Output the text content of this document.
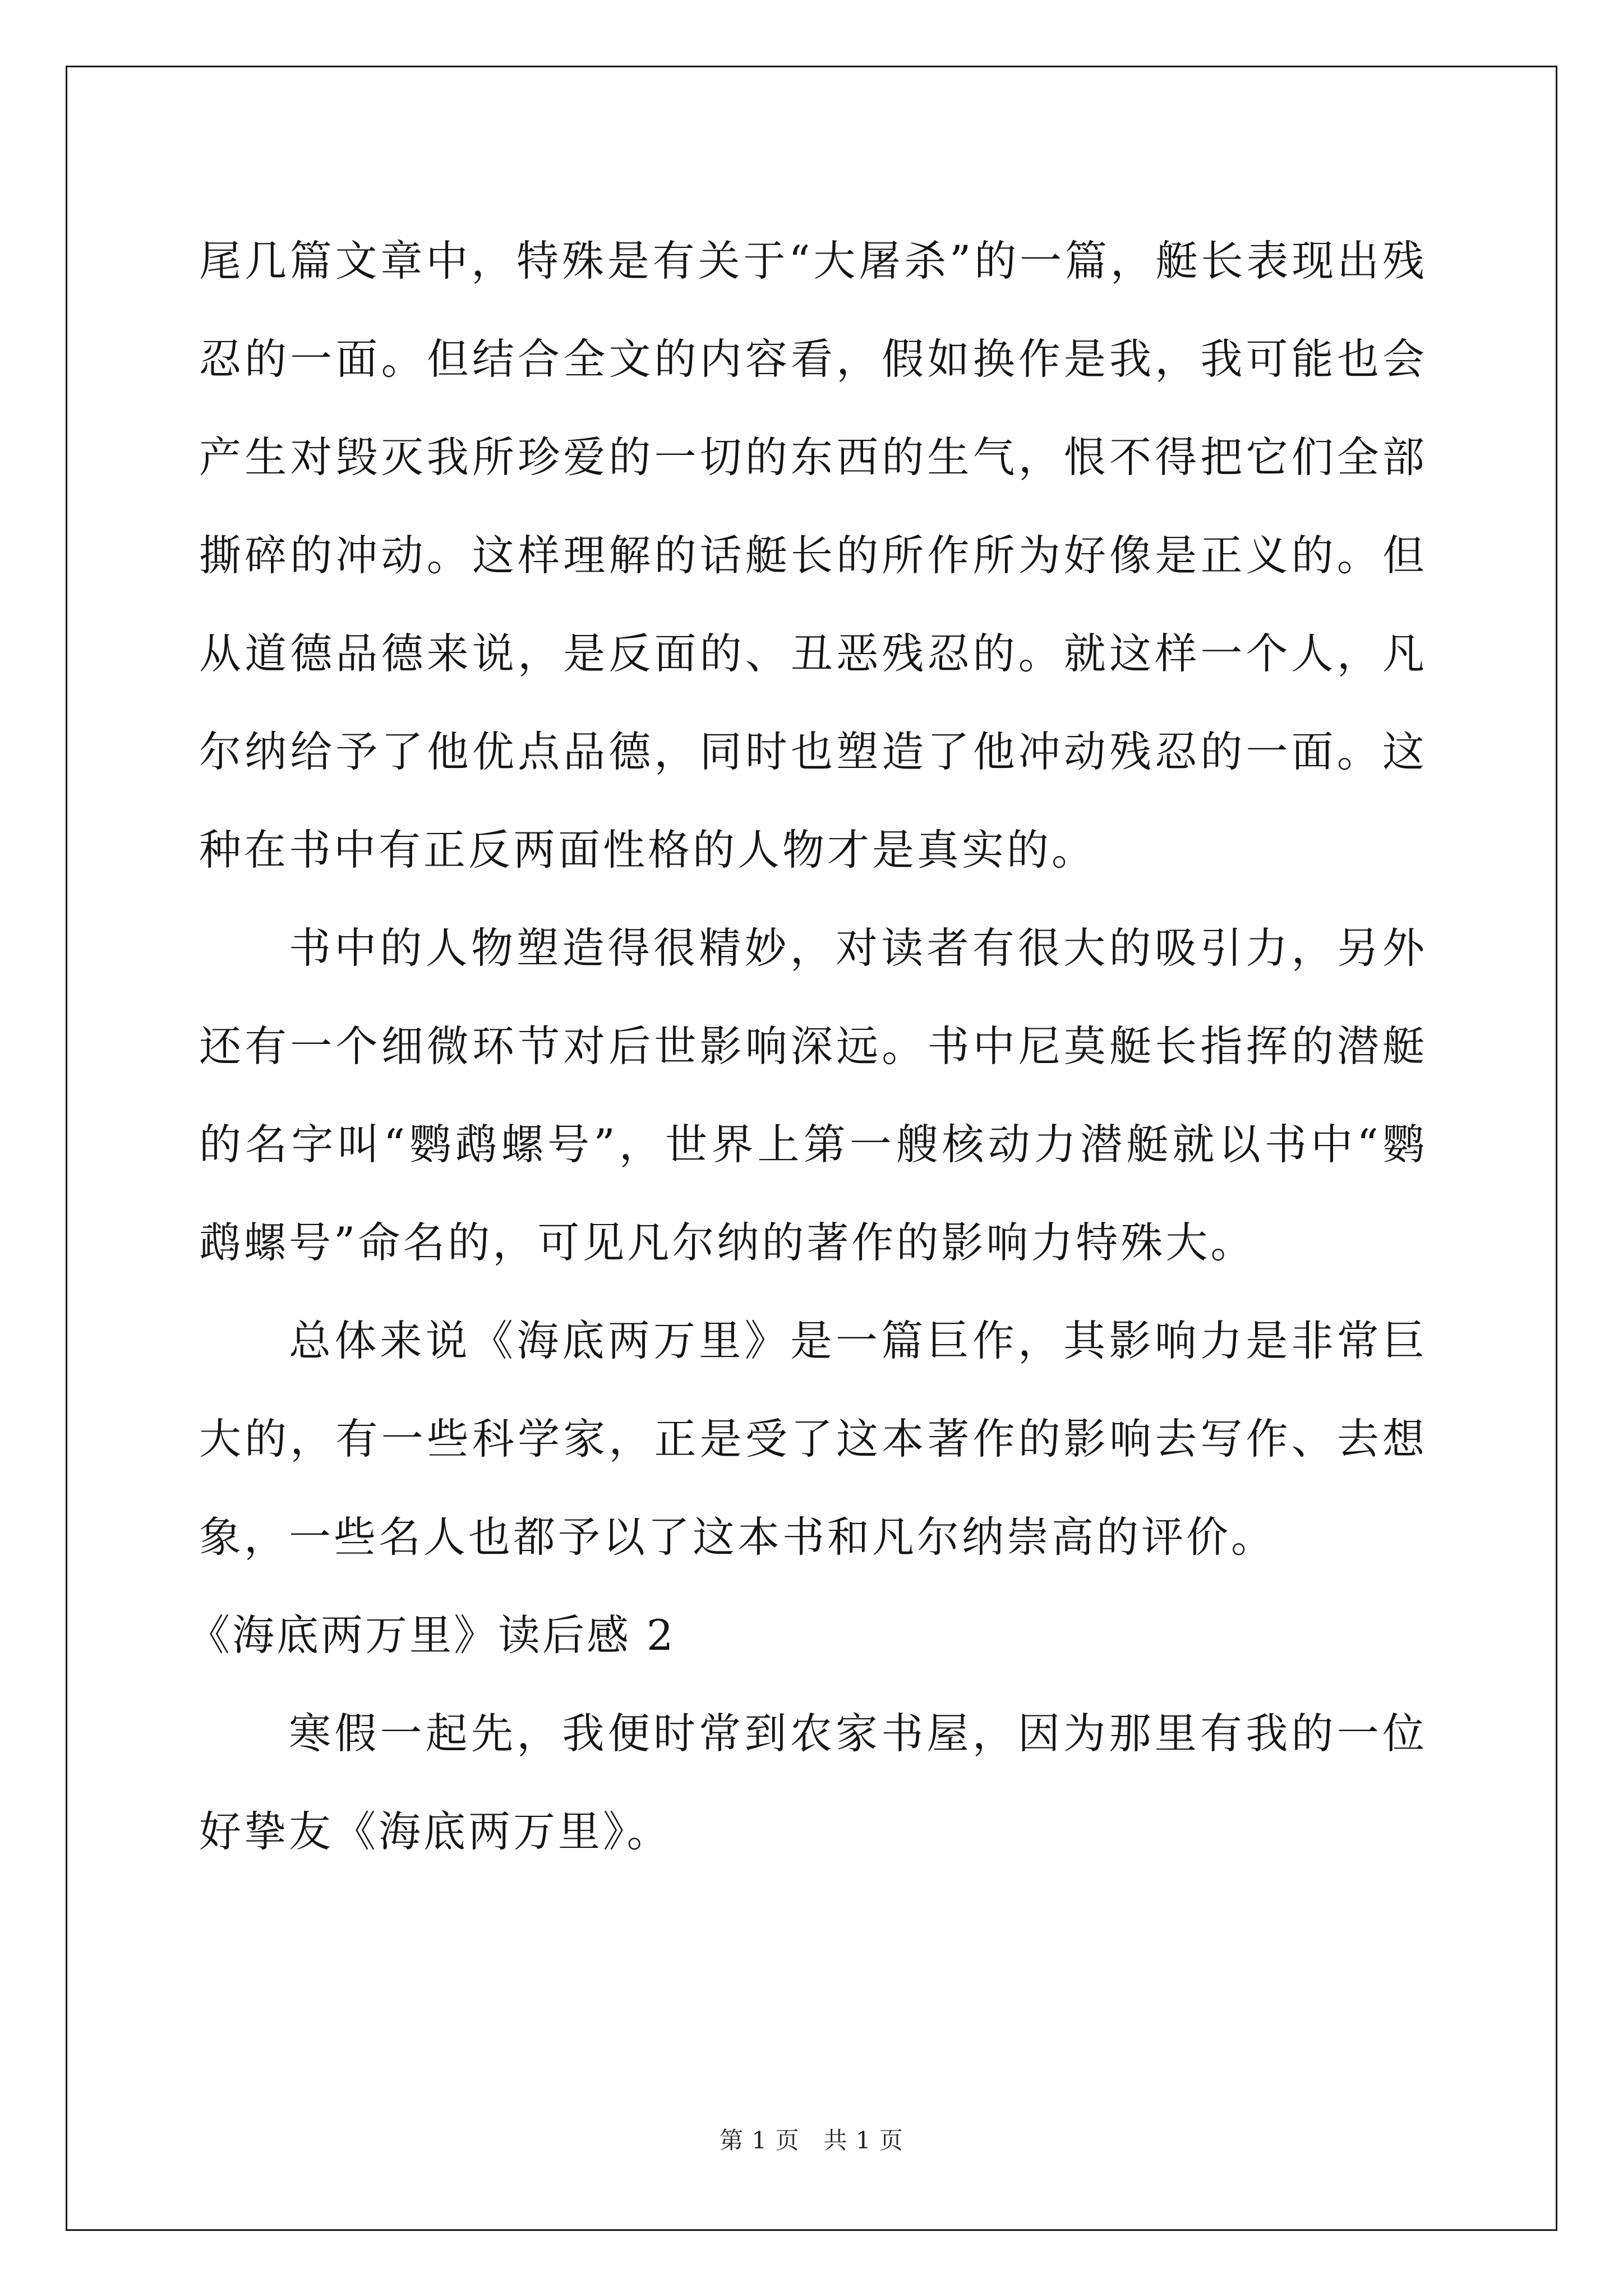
尾几篇文章中，特殊是有关于“大屠杀”的一篇，艇长表现出残忍的一面。但结合全文的内容看，假如换作是我，我可能也会产生对毁灭我所珍爱的一切的东西的生气，恨不得把它们全部撕碎的冲动。这样理解的话艇长的所作所为好像是正义的。但从道德品德来说，是反面的、丑恶残忍的。就这样一个人，凡尔纳给予了他优点品德，同时也塑造了他冲动残忍的一面。这种在书中有正反两面性格的人物才是真实的。

书中的人物塑造得很精妙，对读者有很大的吸引力，另外还有一个细微环节对后世影响深远。书中尼莫艇长指挥的潜艇的名字叫“鹦鹉螺号”，世界上第一艘核动力潜艇就以书中“鹦鹉螺号”命名的，可见凡尔纳的著作的影响力特殊大。

总体来说《海底两万里》是一篇巨作，其影响力是非常巨大的，有一些科学家，正是受了这本著作的影响去写作、去想象，一些名人也都予以了这本书和凡尔纳崇高的评价。

《海底两万里》读后感 2

寒假一起先，我便时常到农家书屋，因为那里有我的一位好挚友《海底两万里》。

第 1 页　共 1 页
